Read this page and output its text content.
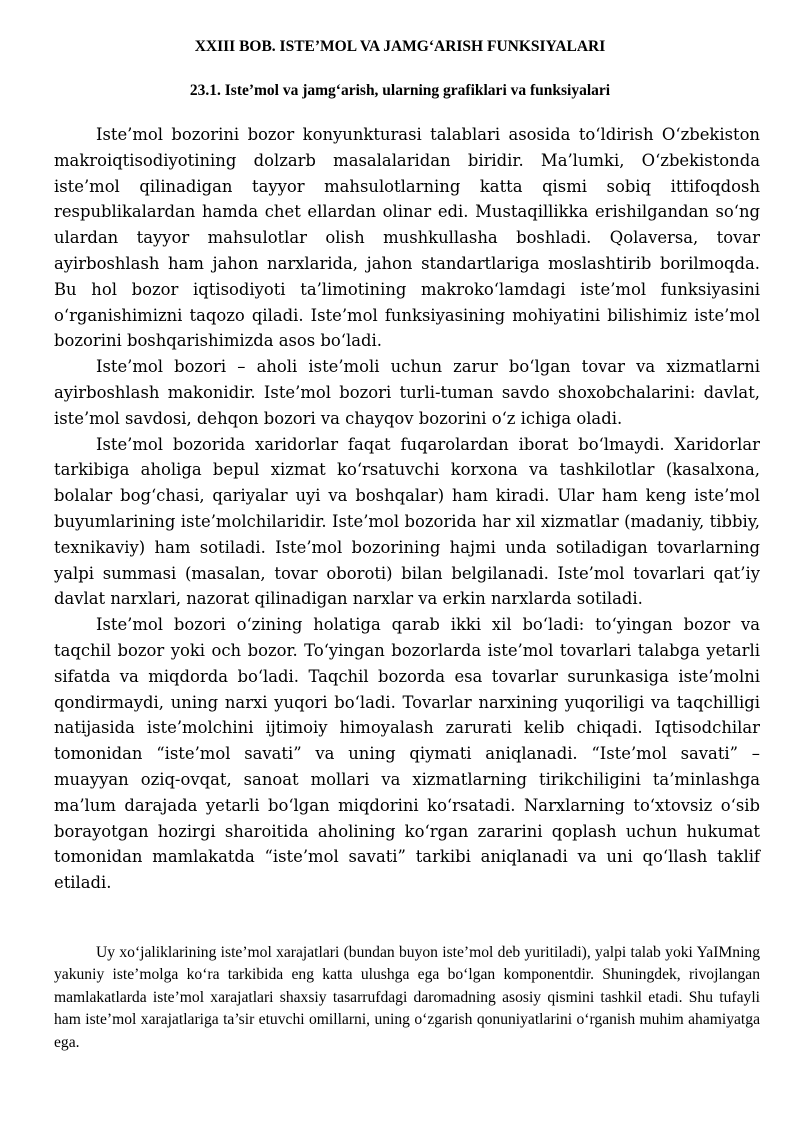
XXIII BOB. ISTE’MOL VA JAMG‘ARISH FUNKSIYALARI
23.1. Iste’mol va jamg‘arish, ularning grafiklari va funksiyalari

Iste’mol bozorini bozor konyunkturasi talablari asosida to‘ldirish O‘zbekiston makroiqtisodiyotining dolzarb masalalaridan biridir. Ma’lumki, O‘zbekistonda iste’mol qilinadigan tayyor mahsulotlarning katta qismi sobiq ittifoqdosh respublikalardan hamda chet ellardan olinar edi. Mustaqillikka erishilgandan so‘ng ulardan tayyor mahsulotlar olish mushkullasha boshladi. Qolaversa, tovar ayirboshlash ham jahon narxlarida, jahon standartlariga moslashtirib borilmoqda. Bu hol bozor iqtisodiyoti ta’limotining makroko‘lamdagi iste’mol funksiyasini o‘rganishimizni taqozo qiladi. Iste’mol funksiyasining mohiyatini bilishimiz iste’mol bozorini boshqarishimizda asos bo‘ladi.

Iste’mol bozori – aholi iste’moli uchun zarur bo‘lgan tovar va xizmatlarni ayirboshlash makonidir. Iste’mol bozori turli-tuman savdo shoxobchalarini: davlat, iste’mol savdosi, dehqon bozori va chayqov bozorini o‘z ichiga oladi.

Iste’mol bozorida xaridorlar faqat fuqarolardan iborat bo‘lmaydi. Xaridorlar tarkibiga aholiga bepul xizmat ko‘rsatuvchi korxona va tashkilotlar (kasalxona, bolalar bog‘chasi, qariyalar uyi va boshqalar) ham kiradi. Ular ham keng iste’mol buyumlarining iste’molchilaridir. Iste’mol bozorida har xil xizmatlar (madaniy, tibbiy, texnikaviy) ham sotiladi. Iste’mol bozorining hajmi unda sotiladigan tovarlarning yalpi summasi (masalan, tovar oboroti) bilan belgilanadi. Iste’mol tovarlari qat’iy davlat narxlari, nazorat qilinadigan narxlar va erkin narxlarda sotiladi.

Iste’mol bozori o‘zining holatiga qarab ikki xil bo‘ladi: to‘yingan bozor va taqchil bozor yoki och bozor. To‘yingan bozorlarda iste’mol tovarlari talabga yetarli sifatda va miqdorda bo‘ladi. Taqchil bozorda esa tovarlar surunkasiga iste’molni qondirmaydi, uning narxi yuqori bo‘ladi. Tovarlar narxining yuqoriligi va taqchilligi natijasida iste’molchini ijtimoiy himoyalash zarurati kelib chiqadi. Iqtisodchilar tomonidan “iste’mol savati” va uning qiymati aniqlanadi. “Iste’mol savati” – muayyan oziq-ovqat, sanoat mollari va xizmatlarning tirikchiligini ta’minlashga ma’lum darajada yetarli bo‘lgan miqdorini ko‘rsatadi. Narxlarning to‘xtovsiz o‘sib borayotgan hozirgi sharoitida aholining ko‘rgan zararini qoplash uchun hukumat tomonidan mamlakatda “iste’mol savati” tarkibi aniqlanadi va uni qo‘llash taklif etiladi.

Uy xo‘jaliklarining iste’mol xarajatlari (bundan buyon iste’mol deb yuritiladi), yalpi talab yoki YaIMning yakuniy iste’molga ko‘ra tarkibida eng katta ulushga ega bo‘lgan komponentdir. Shuningdek, rivojlangan mamlakatlarda iste’mol xarajatlari shaxsiy tasarrufdagi daromadning asosiy qismini tashkil etadi. Shu tufayli ham iste’mol xarajatlariga ta’sir etuvchi omillarni, uning o‘zgarish qonuniyatlarini o‘rganish muhim ahamiyatga ega.
